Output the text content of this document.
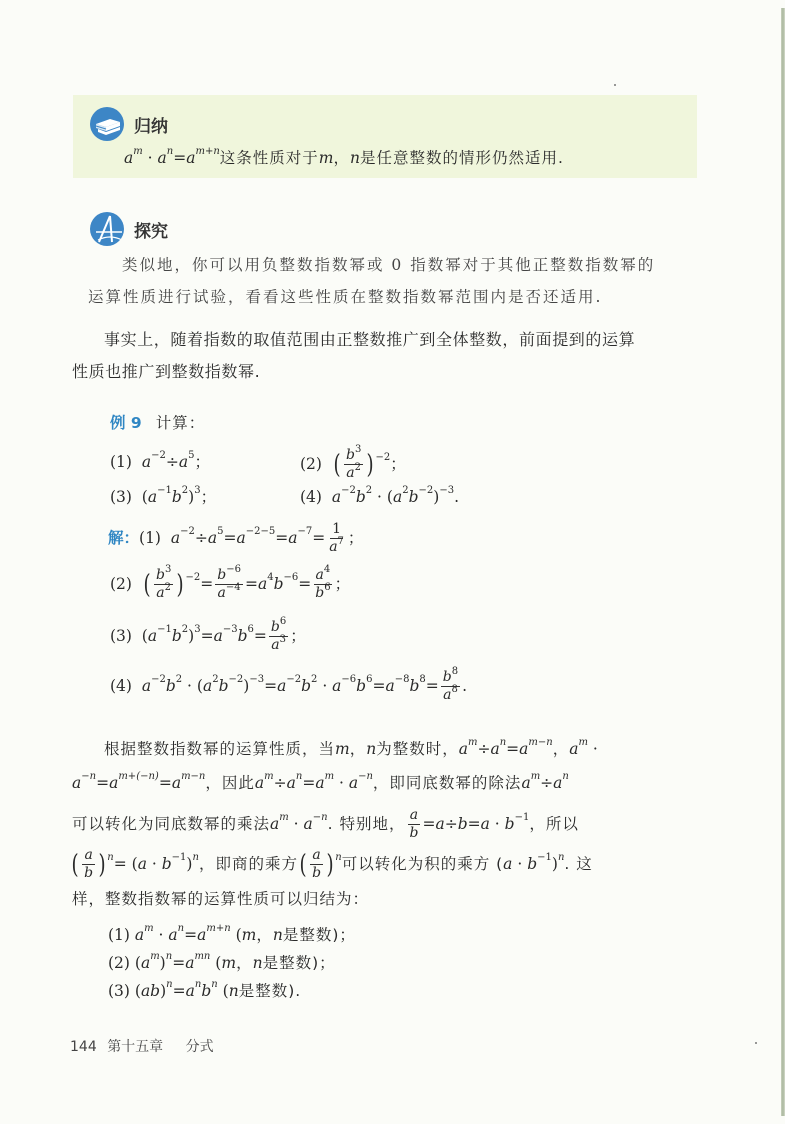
归纳
$a^m \cdot a^n = a^{m+n}$ 这条性质对于 m ， n 是任意整数的情形仍然适用.
探究
类似地，你可以用负整数指数幂或 0 指数幂对于其他正整数指数幂的
运算性质进行试验，看看这些性质在整数指数幂范围内是否还适用.
事实上，随着指数的取值范围由正整数推广到全体整数，前面提到的运算
性质也推广到整数指数幂.
例 9 计算：
(1) $a^{-2} \div a^5$ ；	(2) ( $\frac{b^3}{a^2} )^{-2}$ ；
(3)  ( $a^{-1}$ $b^2$ )$^3$ ；	(4) $a^{-2}$ $b^2$ · ( $a^2$ $b^{-2}$ )$^{-3}$ .
解： (1) $a^{-2} \div a^5 = a^{-2-5} = a^{-7} = \frac{1}{a^7}$ ；
(2) ( $\frac{b^3}{a^2} )^{-2} = \frac{b^{-6}}{a^{-4}} = a^4$ $b^{-6} = \frac{a^4}{b^6}$ ；
(3)  ( $a^{-1}$ $b^2$ )$^3 = a^{-3}$ $b^6 = \frac{b^6}{a^3}$ ；
(4) $a^{-2}$ $b^2$ · ( $a^2$ $b^{-2}$ )$^{-3} = a^{-2}$ $b^2 \cdot a^{-6}$ $b^6 = a^{-8}$ $b^8 = \frac{b^8}{a^8}$ .
根据整数指数幂的运算性质，当 m ， n 为整数时， $a^m \div a^n = a^{m-n}$ ， $a^m$ ·
$a^{-n} = a^{m+(-n)} = a^{m-n}$ ，因此 $a^m \div a^n = a^m \cdot a^{-n}$ ，即同底数幂的除法 $a^m \div a^n$
可以转化为同底数幂的乘法 $a^m \cdot a^{-n}$ . 特别地， $\frac{a}{b} = a \div b = a \cdot b^{-1}$ ，所以
( $\frac{a}{b} )^n$ = ( $a \cdot b^{-1}$ )$^n$ ，即商的乘方 ( $\frac{a}{b} )^n$ 可以转化为积的乘方 ( $a \cdot b^{-1}$ )$^n$ . 这
样，整数指数幂的运算性质可以归结为：
(1) $a^m \cdot a^n = a^{m+n}$ ( m ， n 是整数)；
(2) ( $a^m$ )$^n = a^{mn}$ ( m ， n 是整数)；
(3) ( ab )$^n = a^n$ $b^n$ ( n 是整数).
144 第十五章 分式
